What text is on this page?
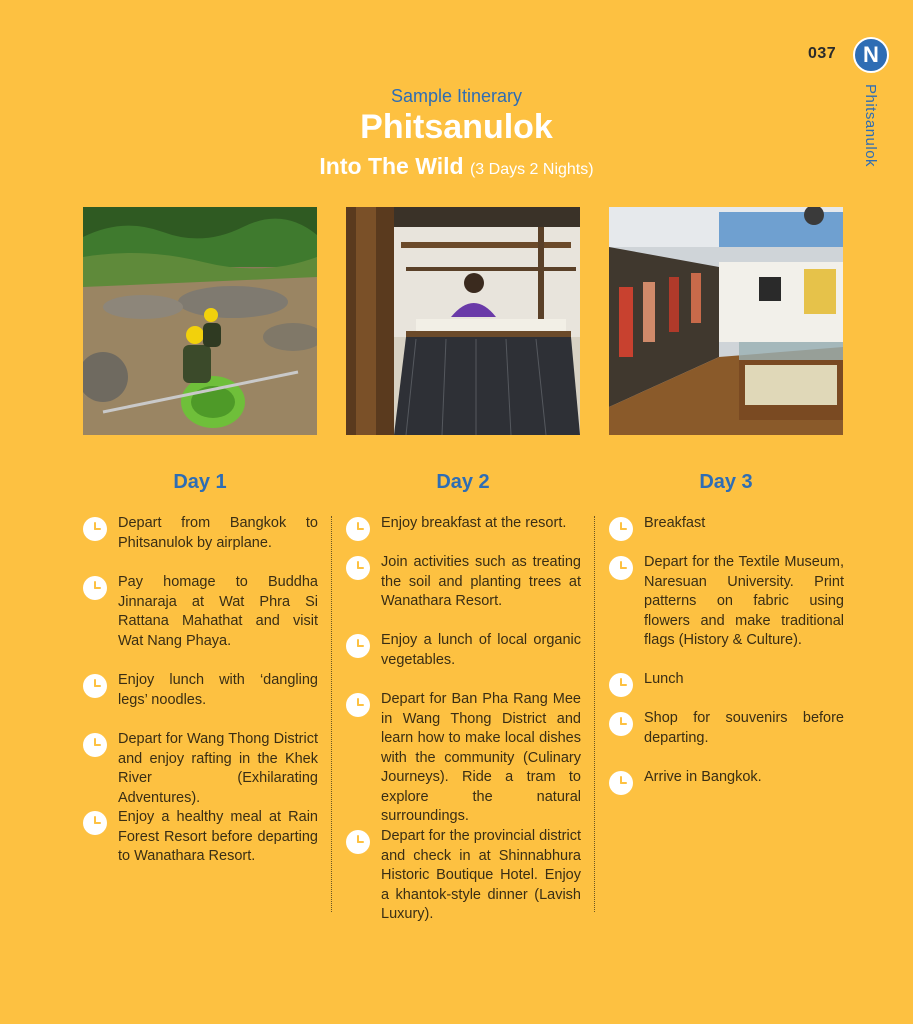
037	N
Phitsanulok
Sample Itinerary
Phitsanulok
Into The Wild (3 Days 2 Nights)
Day 1	Day 2	Day 3
Depart from Bangkok to Phitsanulok by airplane.
Pay homage to Buddha Jinnaraja at Wat Phra Si Rattana Mahathat and visit Wat Nang Phaya.
Enjoy lunch with ‘dangling legs’ noodles.
Depart for Wang Thong District and enjoy rafting in the Khek River (Exhilarating Adventures).
Enjoy a healthy meal at Rain Forest Resort before departing to Wanathara Resort.
Enjoy breakfast at the resort.
Join activities such as treating the soil and planting trees at Wanathara Resort.
Enjoy a lunch of local organic vegetables.
Depart for Ban Pha Rang Mee in Wang Thong District and learn how to make local dishes with the community (Culinary Journeys). Ride a tram to explore the natural surroundings.
Depart for the provincial district and check in at Shinnabhura Historic Boutique Hotel. Enjoy a khantok-style dinner (Lavish Luxury).
Breakfast
Depart for the Textile Museum, Naresuan University. Print patterns on fabric using flowers and make traditional flags (History & Culture).
Lunch
Shop for souvenirs before departing.
Arrive in Bangkok.
